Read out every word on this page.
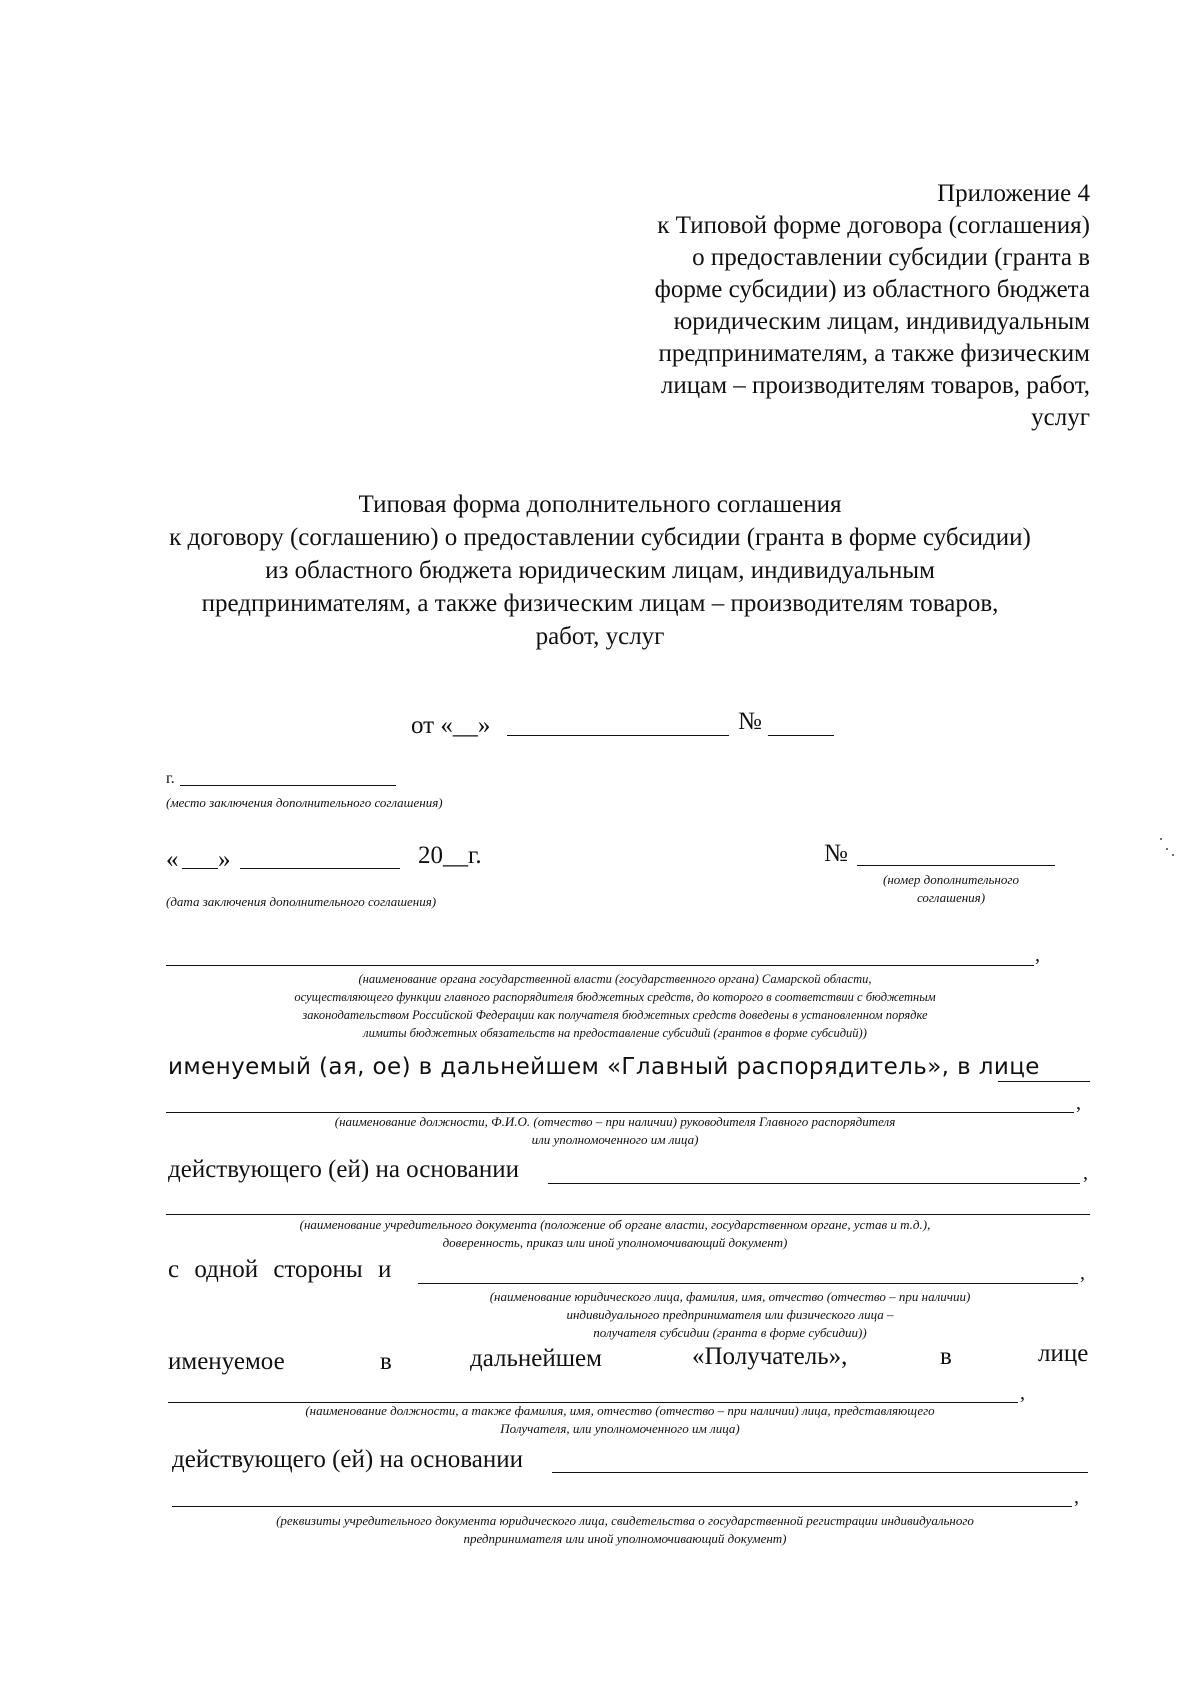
Приложение 4
к Типовой форме договора (соглашения)
о предоставлении субсидии (гранта в
форме субсидии) из областного бюджета
юридическим лицам, индивидуальным
предпринимателям, а также физическим
лицам – производителям товаров, работ,
услуг
Типовая форма дополнительного соглашения
к договору (соглашению) о предоставлении субсидии (гранта в форме субсидии)
из областного бюджета юридическим лицам, индивидуальным
предпринимателям, а также физическим лицам – производителям товаров,
работ, услуг
от «__»	№
г.
(место заключения дополнительного соглашения)
« »	20__г.
(дата заключения дополнительного соглашения)
№
(номер дополнительного
соглашения)
,
(наименование органа государственной власти (государственного органа) Самарской области,
осуществляющего функции главного распорядителя бюджетных средств, до которого в соответствии с бюджетным
законодательством Российской Федерации как получателя бюджетных средств доведены в установленном порядке
лимиты бюджетных обязательств на предоставление субсидий (грантов в форме субсидий))
именуемый (ая, ое) в дальнейшем «Главный распорядитель», в лице
,
(наименование должности, Ф.И.О. (отчество – при наличии) руководителя Главного распорядителя
или уполномоченного им лица)
действующего (ей) на основании	,
(наименование учредительного документа (положение об органе власти, государственном органе, устав и т.д.),
доверенность, приказ или иной уполномочивающий документ)
с одной стороны и	,
(наименование юридического лица, фамилия, имя, отчество (отчество – при наличии)
индивидуального предпринимателя или физического лица –
получателя субсидии (гранта в форме субсидии))
именуемое	в	дальнейшем	«Получатель»,	в	лице
,
(наименование должности, а также фамилия, имя, отчество (отчество – при наличии) лица, представляющего
Получателя, или уполномоченного им лица)
действующего (ей) на основании
,
(реквизиты учредительного документа юридического лица, свидетельства о государственной регистрации индивидуального
предпринимателя или иной уполномочивающий документ)
